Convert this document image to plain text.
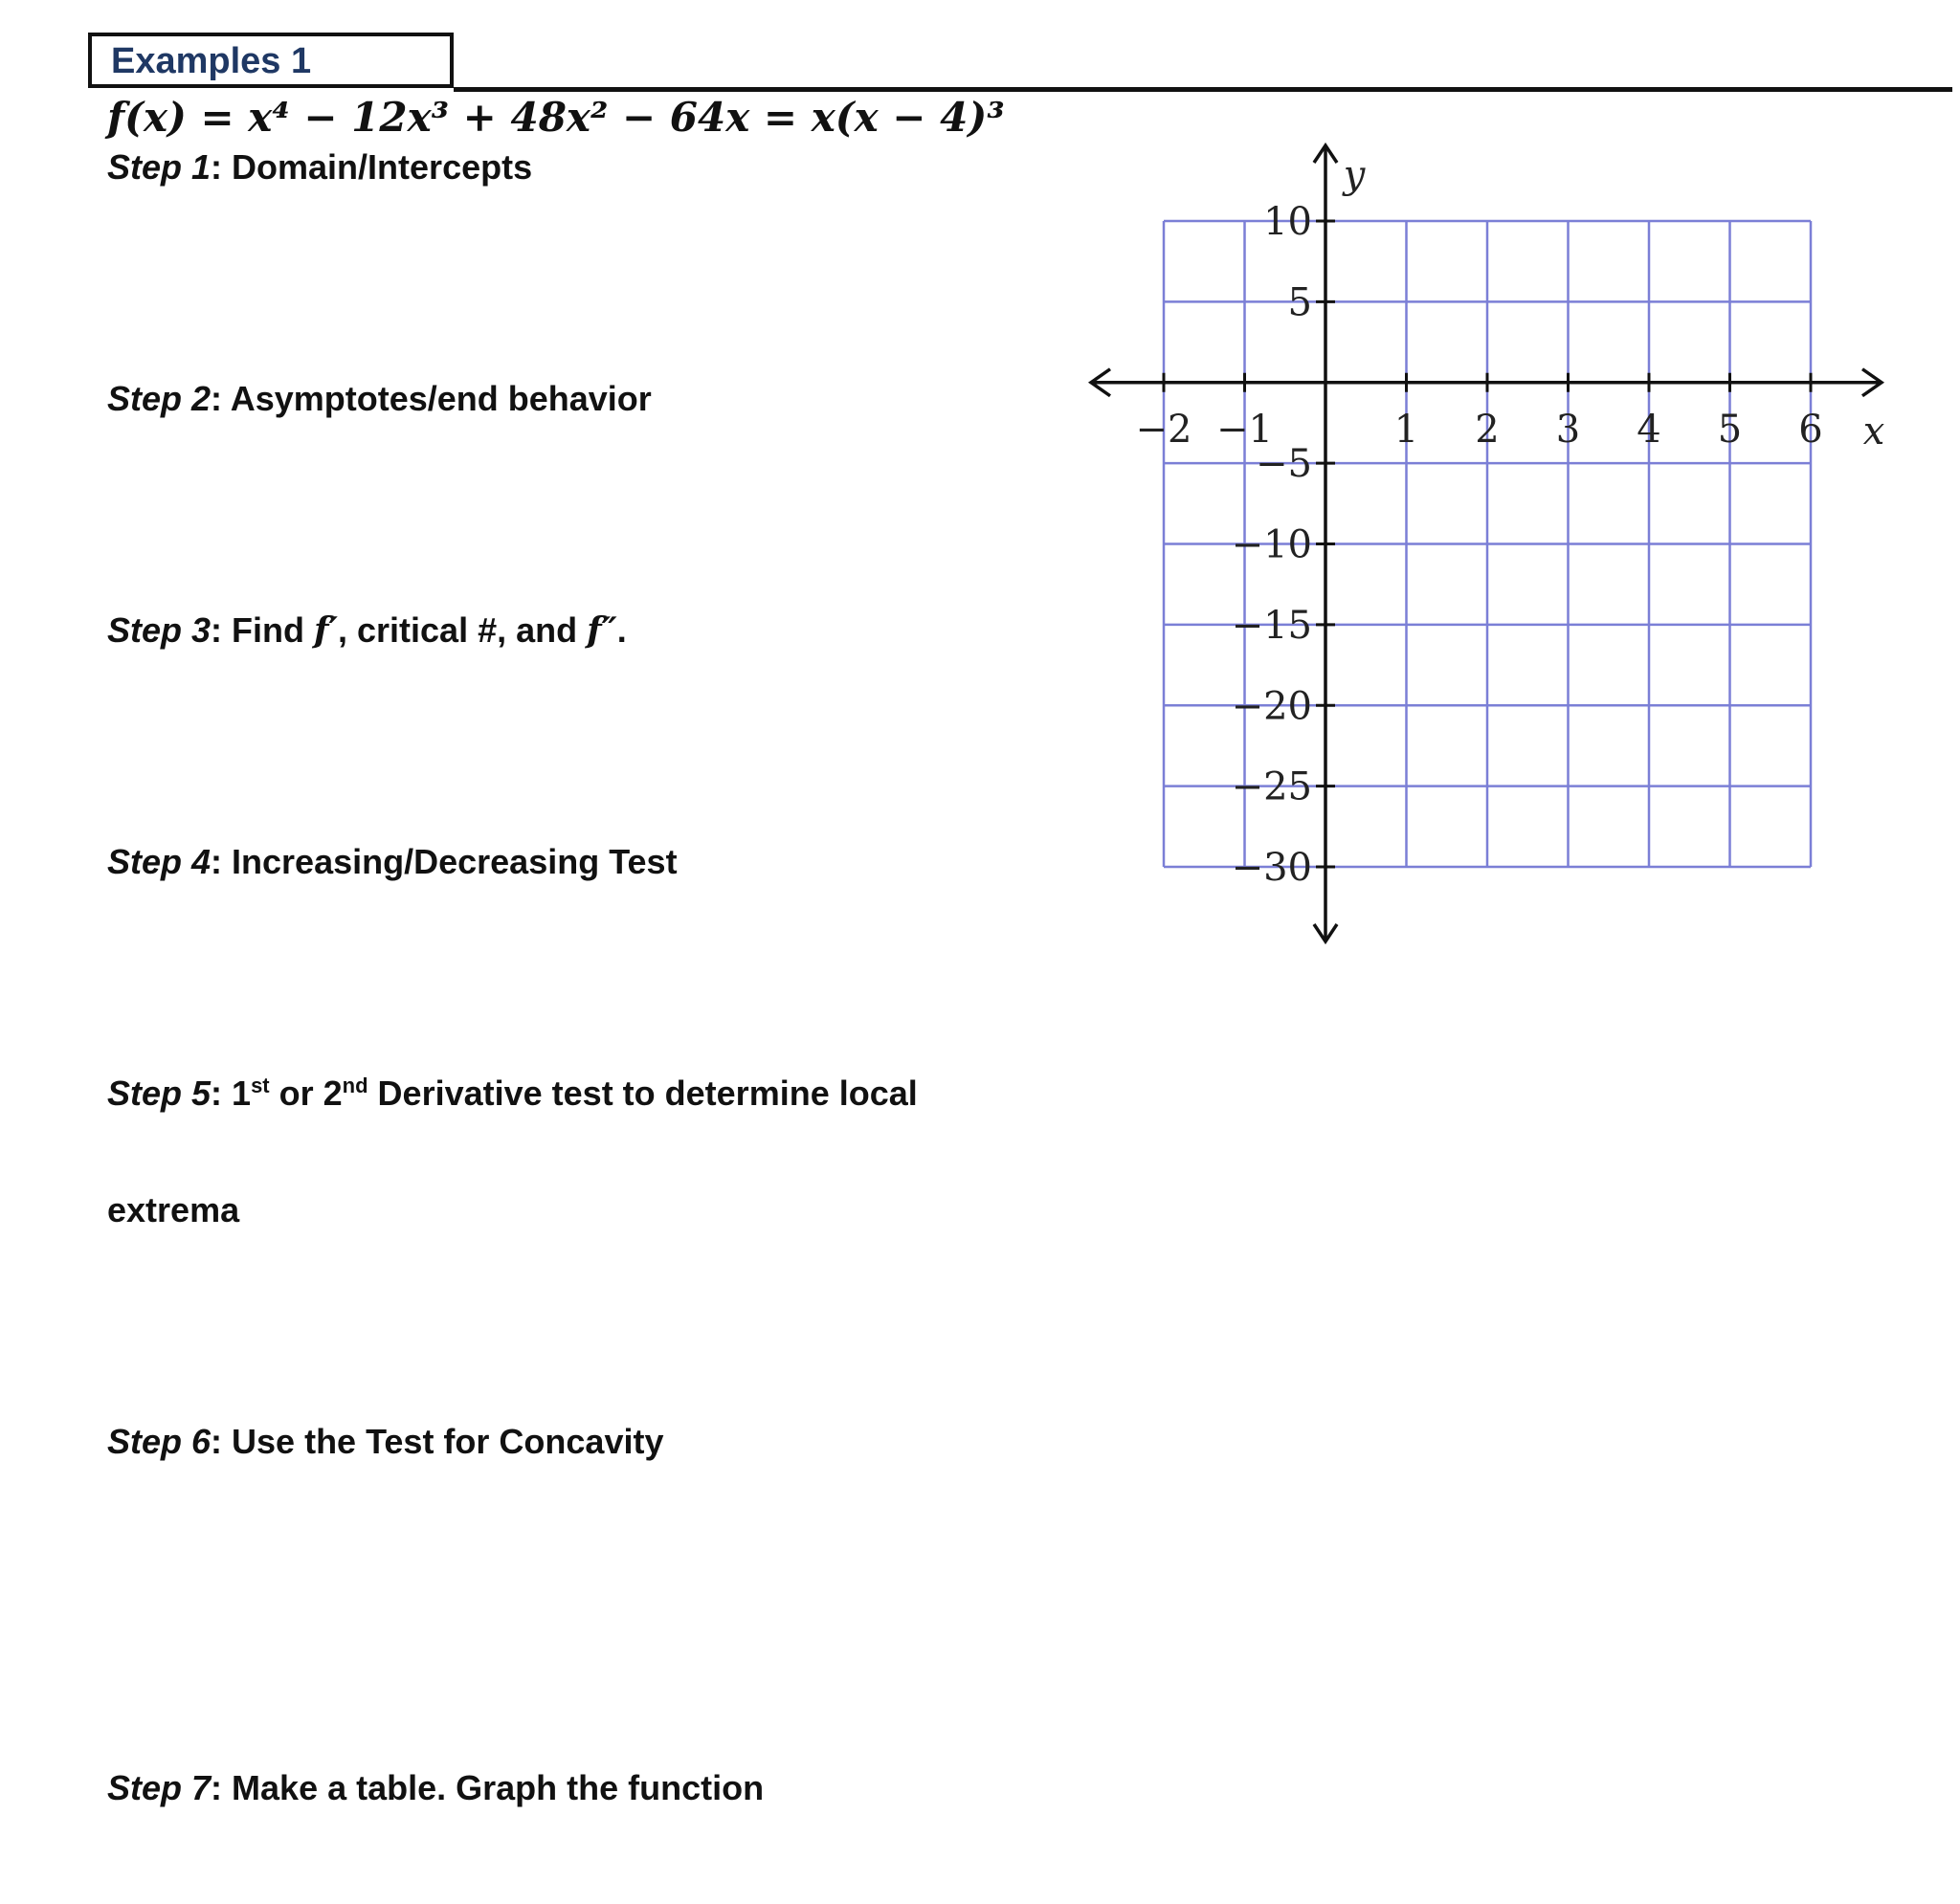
Examples 1
f(x) = x⁴ − 12x³ + 48x² − 64x = x(x − 4)³
Step 1: Domain/Intercepts
Step 2: Asymptotes/end behavior
Step 3: Find f′, critical #, and f″.
Step 4: Increasing/Decreasing Test
Step 5: 1st or 2nd Derivative test to determine local
extrema
Step 6: Use the Test for Concavity
Step 7: Make a table. Graph the function
−2 −1	1 2 3 4 5 6
10
5
−5
−10
−15
−20
−25
−30
x
y
